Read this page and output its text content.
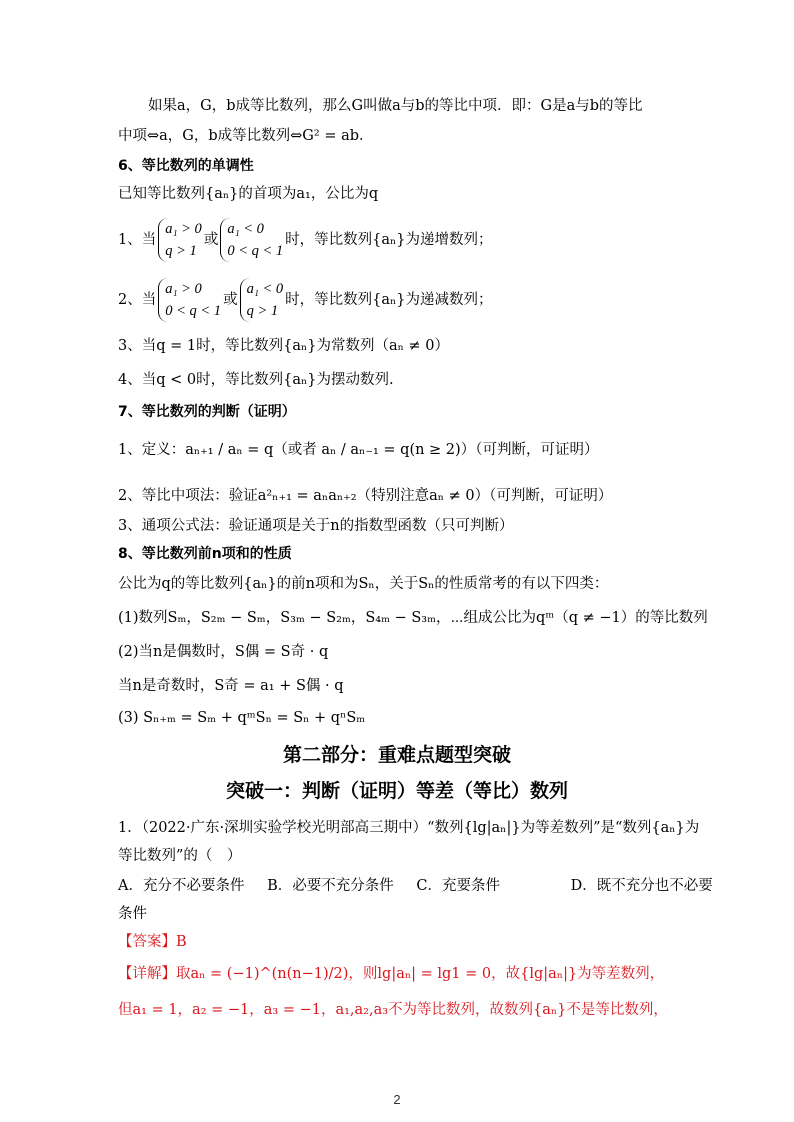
如果a，G，b成等比数列，那么G叫做a与b的等比中项．即：G是a与b的等比
中项⇔a，G，b成等比数列⇔G² = ab．
6、等比数列的单调性
已知等比数列{aₙ}的首项为a₁，公比为q
1、当a₁ > 0
q > 1或a₁ < 0
0 < q < 1时，等比数列{aₙ}为递增数列；
2、当a₁ > 0
0 < q < 1或a₁ < 0
q > 1时，等比数列{aₙ}为递减数列；
3、当q = 1时，等比数列{aₙ}为常数列（aₙ ≠ 0）
4、当q < 0时，等比数列{aₙ}为摆动数列.
7、等比数列的判断（证明）
1、定义：aₙ₊₁ / aₙ = q（或者 aₙ / aₙ₋₁ = q(n ≥ 2)）（可判断，可证明）
2、等比中项法：验证a²ₙ₊₁ = aₙaₙ₊₂（特别注意aₙ ≠ 0）（可判断，可证明）
3、通项公式法：验证通项是关于n的指数型函数（只可判断）
8、等比数列前n项和的性质
公比为q的等比数列{aₙ}的前n项和为Sₙ，关于Sₙ的性质常考的有以下四类：
(1)数列Sₘ，S₂ₘ − Sₘ，S₃ₘ − S₂ₘ，S₄ₘ − S₃ₘ，⋯组成公比为qᵐ（q ≠ −1）的等比数列
(2)当n是偶数时，S偶 = S奇 · q
当n是奇数时，S奇 = a₁ + S偶 · q
(3) Sₙ₊ₘ = Sₘ + qᵐSₙ = Sₙ + qⁿSₘ
第二部分：重难点题型突破
突破一：判断（证明）等差（等比）数列
1．（2022·广东·深圳实验学校光明部高三期中）“数列{lg|aₙ|}为等差数列”是“数列{aₙ}为
等比数列”的（　）
A．充分不必要条件 B．必要不充分条件 C．充要条件	D．既不充分也不必要
条件
【答案】B
【详解】取aₙ = (−1)^(n(n−1)/2)，则lg|aₙ| = lg1 = 0，故{lg|aₙ|}为等差数列，
但a₁ = 1，a₂ = −1，a₃ = −1，a₁,a₂,a₃不为等比数列，故数列{aₙ}不是等比数列，
2
